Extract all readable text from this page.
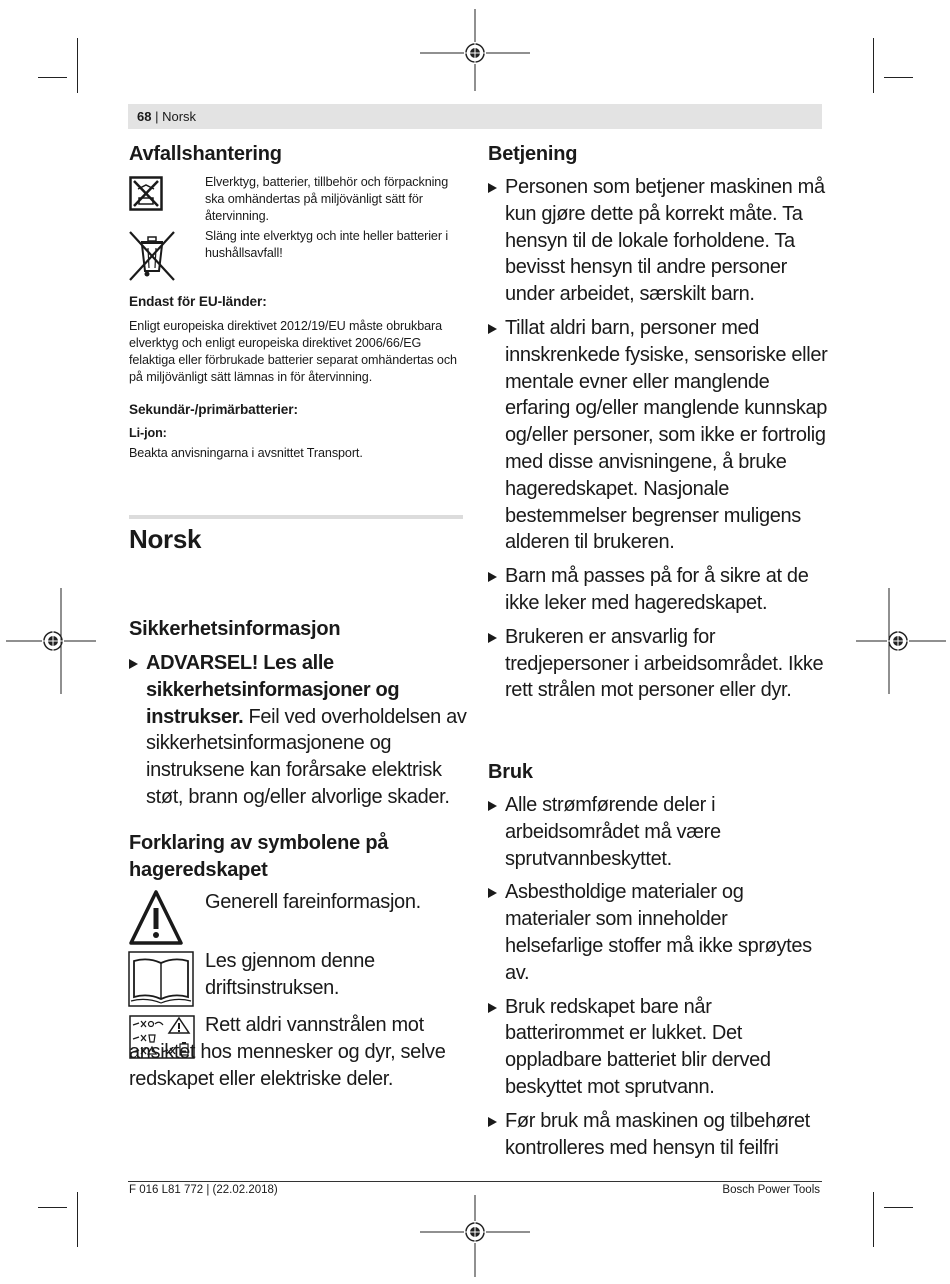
68 | Norsk
Avfallshantering
Elverktyg, batterier, tillbehör och förpackning ska omhändertas på miljövänligt sätt för återvinning.
Släng inte elverktyg och inte heller batterier i hushållsavfall!
Endast för EU-länder:
Enligt europeiska direktivet 2012/19/EU måste obrukbara elverktyg och enligt europeiska direktivet 2006/66/EG felaktiga eller förbrukade batterier separat omhändertas och på miljövänligt sätt lämnas in för återvinning.
Sekundär-/primärbatterier:
Li-jon:
Beakta anvisningarna i avsnittet Transport.
Norsk
Sikkerhetsinformasjon
ADVARSEL! Les alle sikkerhetsinformasjoner og instrukser. Feil ved overholdelsen av sikkerhetsinformasjonene og instruksene kan forårsake elektrisk støt, brann og/eller alvorlige skader.
Forklaring av symbolene på hageredskapet
Generell fareinformasjon.
Les gjennom denne driftsinstruksen.
Rett aldri vannstrålen mot ansiktet hos mennesker og dyr, selve redskapet eller elektriske deler.
Betjening
Personen som betjener maskinen må kun gjøre dette på korrekt måte. Ta hensyn til de lokale forholdene. Ta bevisst hensyn til andre personer under arbeidet, særskilt barn.
Tillat aldri barn, personer med innskrenkede fysiske, sensoriske eller mentale evner eller manglende erfaring og/eller manglende kunnskap og/eller personer, som ikke er fortrolig med disse anvisningene, å bruke hageredskapet. Nasjonale bestemmelser begrenser muligens alderen til brukeren.
Barn må passes på for å sikre at de ikke leker med hageredskapet.
Brukeren er ansvarlig for tredjepersoner i arbeidsområdet. Ikke rett strålen mot personer eller dyr.
Bruk
Alle strømførende deler i arbeidsområdet må være sprutvannbeskyttet.
Asbestholdige materialer og materialer som inneholder helsefarlige stoffer må ikke sprøytes av.
Bruk redskapet bare når batterirommet er lukket. Det oppladbare batteriet blir derved beskyttet mot sprutvann.
Før bruk må maskinen og tilbehøret kontrolleres med hensyn til feilfri
F 016 L81 772 | (22.02.2018)	Bosch Power Tools
